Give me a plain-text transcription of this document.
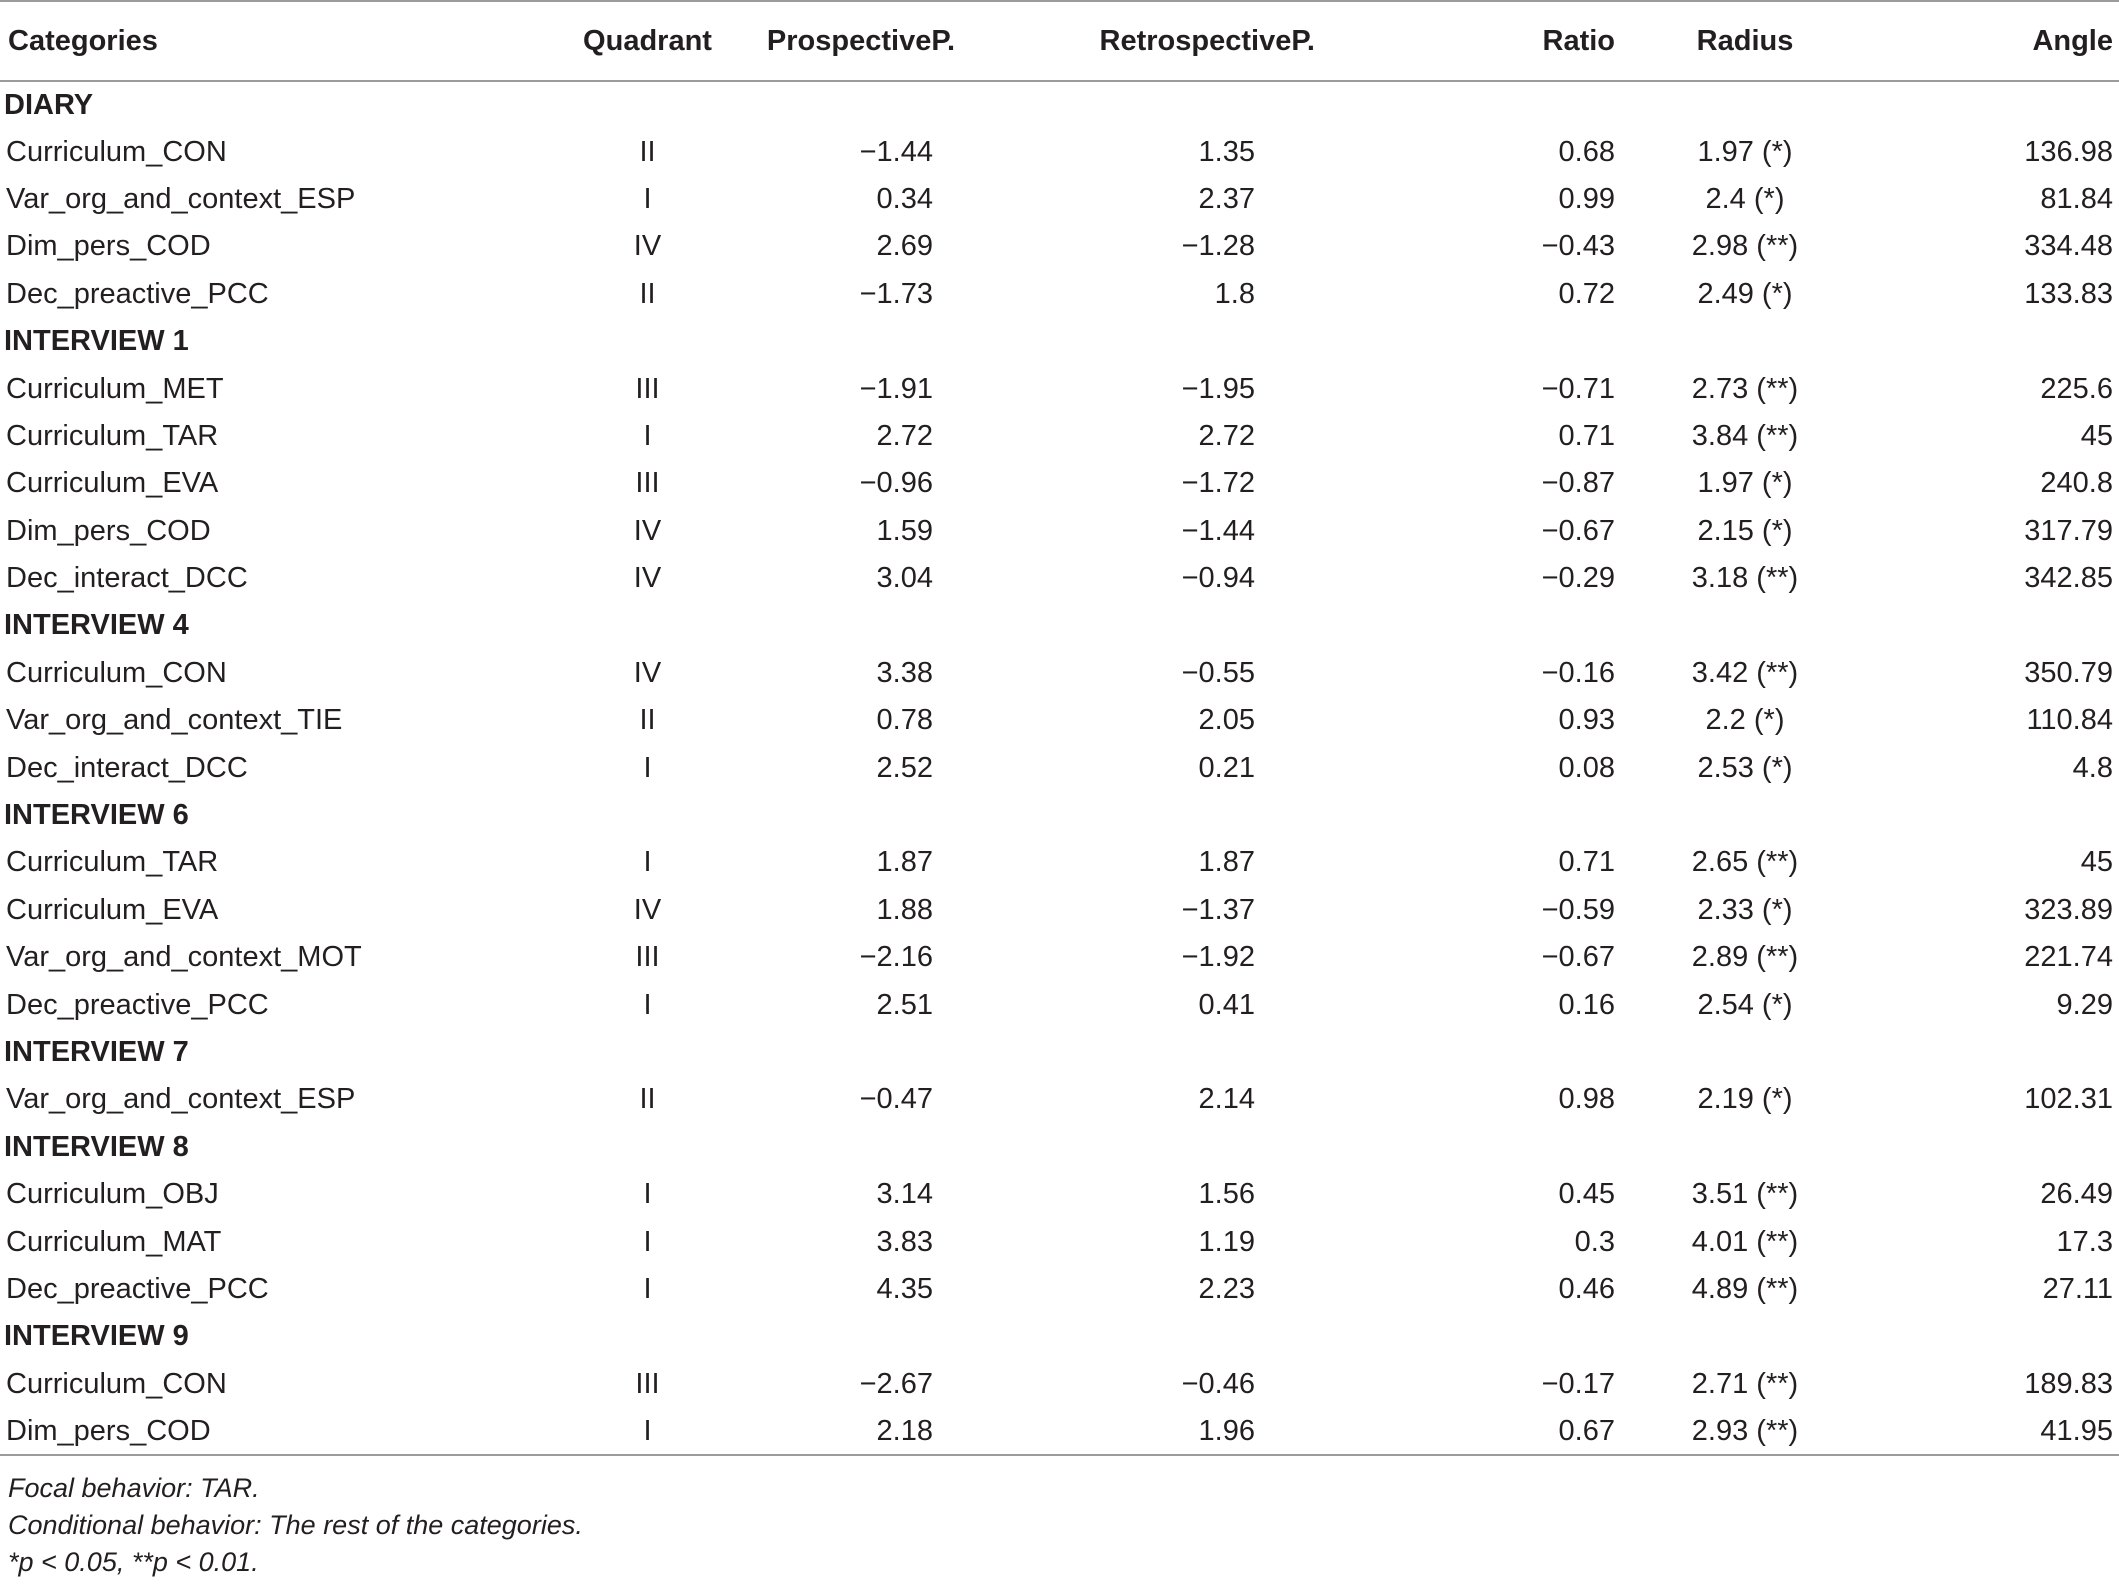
Categories	Quadrant	ProspectiveP.	RetrospectiveP.	Ratio	Radius	Angle
DIARY						
Curriculum_CON	II	−1.44	1.35	0.68	1.97 (*)	136.98
Var_org_and_context_ESP	I	0.34	2.37	0.99	2.4 (*)	81.84
Dim_pers_COD	IV	2.69	−1.28	−0.43	2.98 (**)	334.48
Dec_preactive_PCC	II	−1.73	1.8	0.72	2.49 (*)	133.83
INTERVIEW 1						
Curriculum_MET	III	−1.91	−1.95	−0.71	2.73 (**)	225.6
Curriculum_TAR	I	2.72	2.72	0.71	3.84 (**)	45
Curriculum_EVA	III	−0.96	−1.72	−0.87	1.97 (*)	240.8
Dim_pers_COD	IV	1.59	−1.44	−0.67	2.15 (*)	317.79
Dec_interact_DCC	IV	3.04	−0.94	−0.29	3.18 (**)	342.85
INTERVIEW 4						
Curriculum_CON	IV	3.38	−0.55	−0.16	3.42 (**)	350.79
Var_org_and_context_TIE	II	0.78	2.05	0.93	2.2 (*)	110.84
Dec_interact_DCC	I	2.52	0.21	0.08	2.53 (*)	4.8
INTERVIEW 6						
Curriculum_TAR	I	1.87	1.87	0.71	2.65 (**)	45
Curriculum_EVA	IV	1.88	−1.37	−0.59	2.33 (*)	323.89
Var_org_and_context_MOT	III	−2.16	−1.92	−0.67	2.89 (**)	221.74
Dec_preactive_PCC	I	2.51	0.41	0.16	2.54 (*)	9.29
INTERVIEW 7						
Var_org_and_context_ESP	II	−0.47	2.14	0.98	2.19 (*)	102.31
INTERVIEW 8						
Curriculum_OBJ	I	3.14	1.56	0.45	3.51 (**)	26.49
Curriculum_MAT	I	3.83	1.19	0.3	4.01 (**)	17.3
Dec_preactive_PCC	I	4.35	2.23	0.46	4.89 (**)	27.11
INTERVIEW 9						
Curriculum_CON	III	−2.67	−0.46	−0.17	2.71 (**)	189.83
Dim_pers_COD	I	2.18	1.96	0.67	2.93 (**)	41.95

Focal behavior: TAR.
Conditional behavior: The rest of the categories.
*p < 0.05, **p < 0.01.						
